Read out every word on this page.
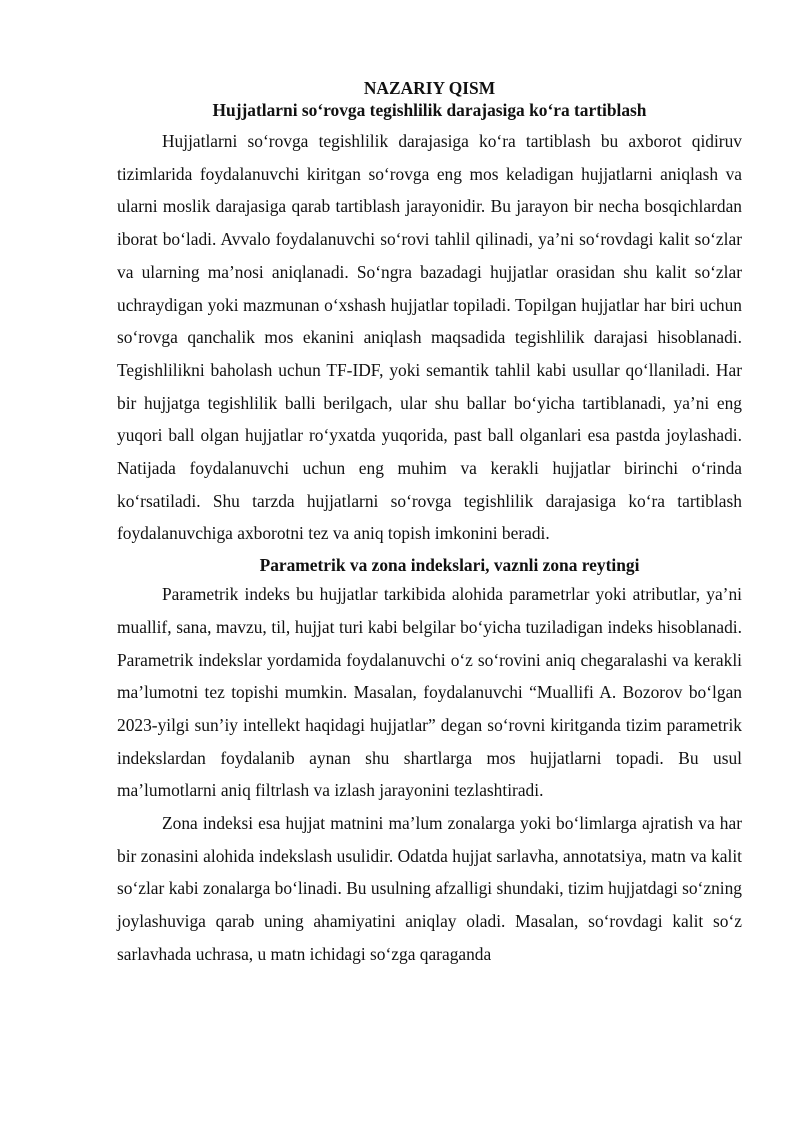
NAZARIY QISM

Hujjatlarni so‘rovga tegishlilik darajasiga ko‘ra tartiblash

Hujjatlarni so‘rovga tegishlilik darajasiga ko‘ra tartiblash bu axborot qidiruv tizimlarida foydalanuvchi kiritgan so‘rovga eng mos keladigan hujjatlarni aniqlash va ularni moslik darajasiga qarab tartiblash jarayonidir. Bu jarayon bir necha bosqichlardan iborat bo‘ladi. Avvalo foydalanuvchi so‘rovi tahlil qilinadi, ya’ni so‘rovdagi kalit so‘zlar va ularning ma’nosi aniqlanadi. So‘ngra bazadagi hujjatlar orasidan shu kalit so‘zlar uchraydigan yoki mazmunan o‘xshash hujjatlar topiladi. Topilgan hujjatlar har biri uchun so‘rovga qanchalik mos ekanini aniqlash maqsadida tegishlilik darajasi hisoblanadi. Tegishlilikni baholash uchun TF-IDF, yoki semantik tahlil kabi usullar qo‘llaniladi. Har bir hujjatga tegishlilik balli berilgach, ular shu ballar bo‘yicha tartiblanadi, ya’ni eng yuqori ball olgan hujjatlar ro‘yxatda yuqorida, past ball olganlari esa pastda joylashadi. Natijada foydalanuvchi uchun eng muhim va kerakli hujjatlar birinchi o‘rinda ko‘rsatiladi. Shu tarzda hujjatlarni so‘rovga tegishlilik darajasiga ko‘ra tartiblash foydalanuvchiga axborotni tez va aniq topish imkonini beradi.

Parametrik va zona indekslari, vaznli zona reytingi

Parametrik indeks bu hujjatlar tarkibida alohida parametrlar yoki atributlar, ya’ni muallif, sana, mavzu, til, hujjat turi kabi belgilar bo‘yicha tuziladigan indeks hisoblanadi. Parametrik indekslar yordamida foydalanuvchi o‘z so‘rovini aniq chegaralashi va kerakli ma’lumotni tez topishi mumkin. Masalan, foydalanuvchi “Muallifi A. Bozorov bo‘lgan 2023-yilgi sun’iy intellekt haqidagi hujjatlar” degan so‘rovni kiritganda tizim parametrik indekslardan foydalanib aynan shu shartlarga mos hujjatlarni topadi. Bu usul ma’lumotlarni aniq filtrlash va izlash jarayonini tezlashtiradi.

Zona indeksi esa hujjat matnini ma’lum zonalarga yoki bo‘limlarga ajratish va har bir zonasini alohida indekslash usulidir. Odatda hujjat sarlavha, annotatsiya, matn va kalit so‘zlar kabi zonalarga bo‘linadi. Bu usulning afzalligi shundaki, tizim hujjatdagi so‘zning joylashuviga qarab uning ahamiyatini aniqlay oladi. Masalan, so‘rovdagi kalit so‘z sarlavhada uchrasa, u matn ichidagi so‘zga qaraganda
